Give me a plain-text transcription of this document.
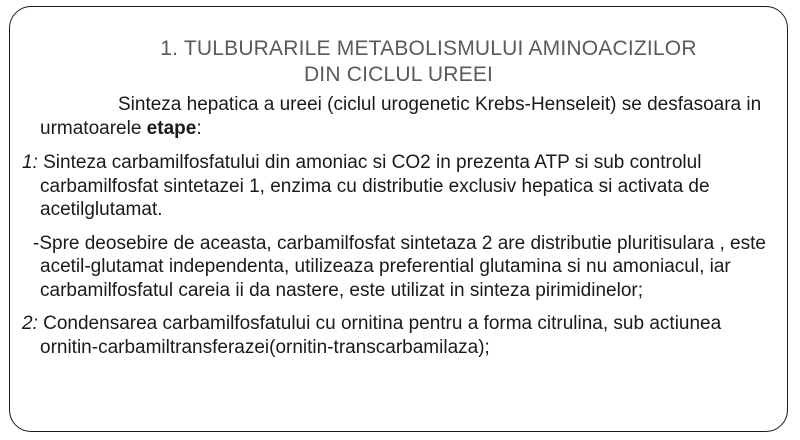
1. TULBURARILE METABOLISMULUI AMINOACIZILOR
DIN CICLUL UREEI

Sinteza hepatica a ureei (ciclul urogenetic Krebs-Henseleit) se desfasoara in urmatoarele etape:

1: Sinteza carbamilfosfatului din amoniac si CO2 in prezenta ATP si sub controlul carbamilfosfat sintetazei 1, enzima cu distributie exclusiv hepatica si activata de acetilglutamat.

-Spre deosebire de aceasta, carbamilfosfat sintetaza 2 are distributie pluritisulara , este acetil-glutamat independenta, utilizeaza preferential glutamina si nu amoniacul, iar carbamilfosfatul careia ii da nastere, este utilizat in sinteza pirimidinelor;

2: Condensarea carbamilfosfatului cu ornitina pentru a forma citrulina, sub actiunea ornitin-carbamiltransferazei(ornitin-transcarbamilaza);
